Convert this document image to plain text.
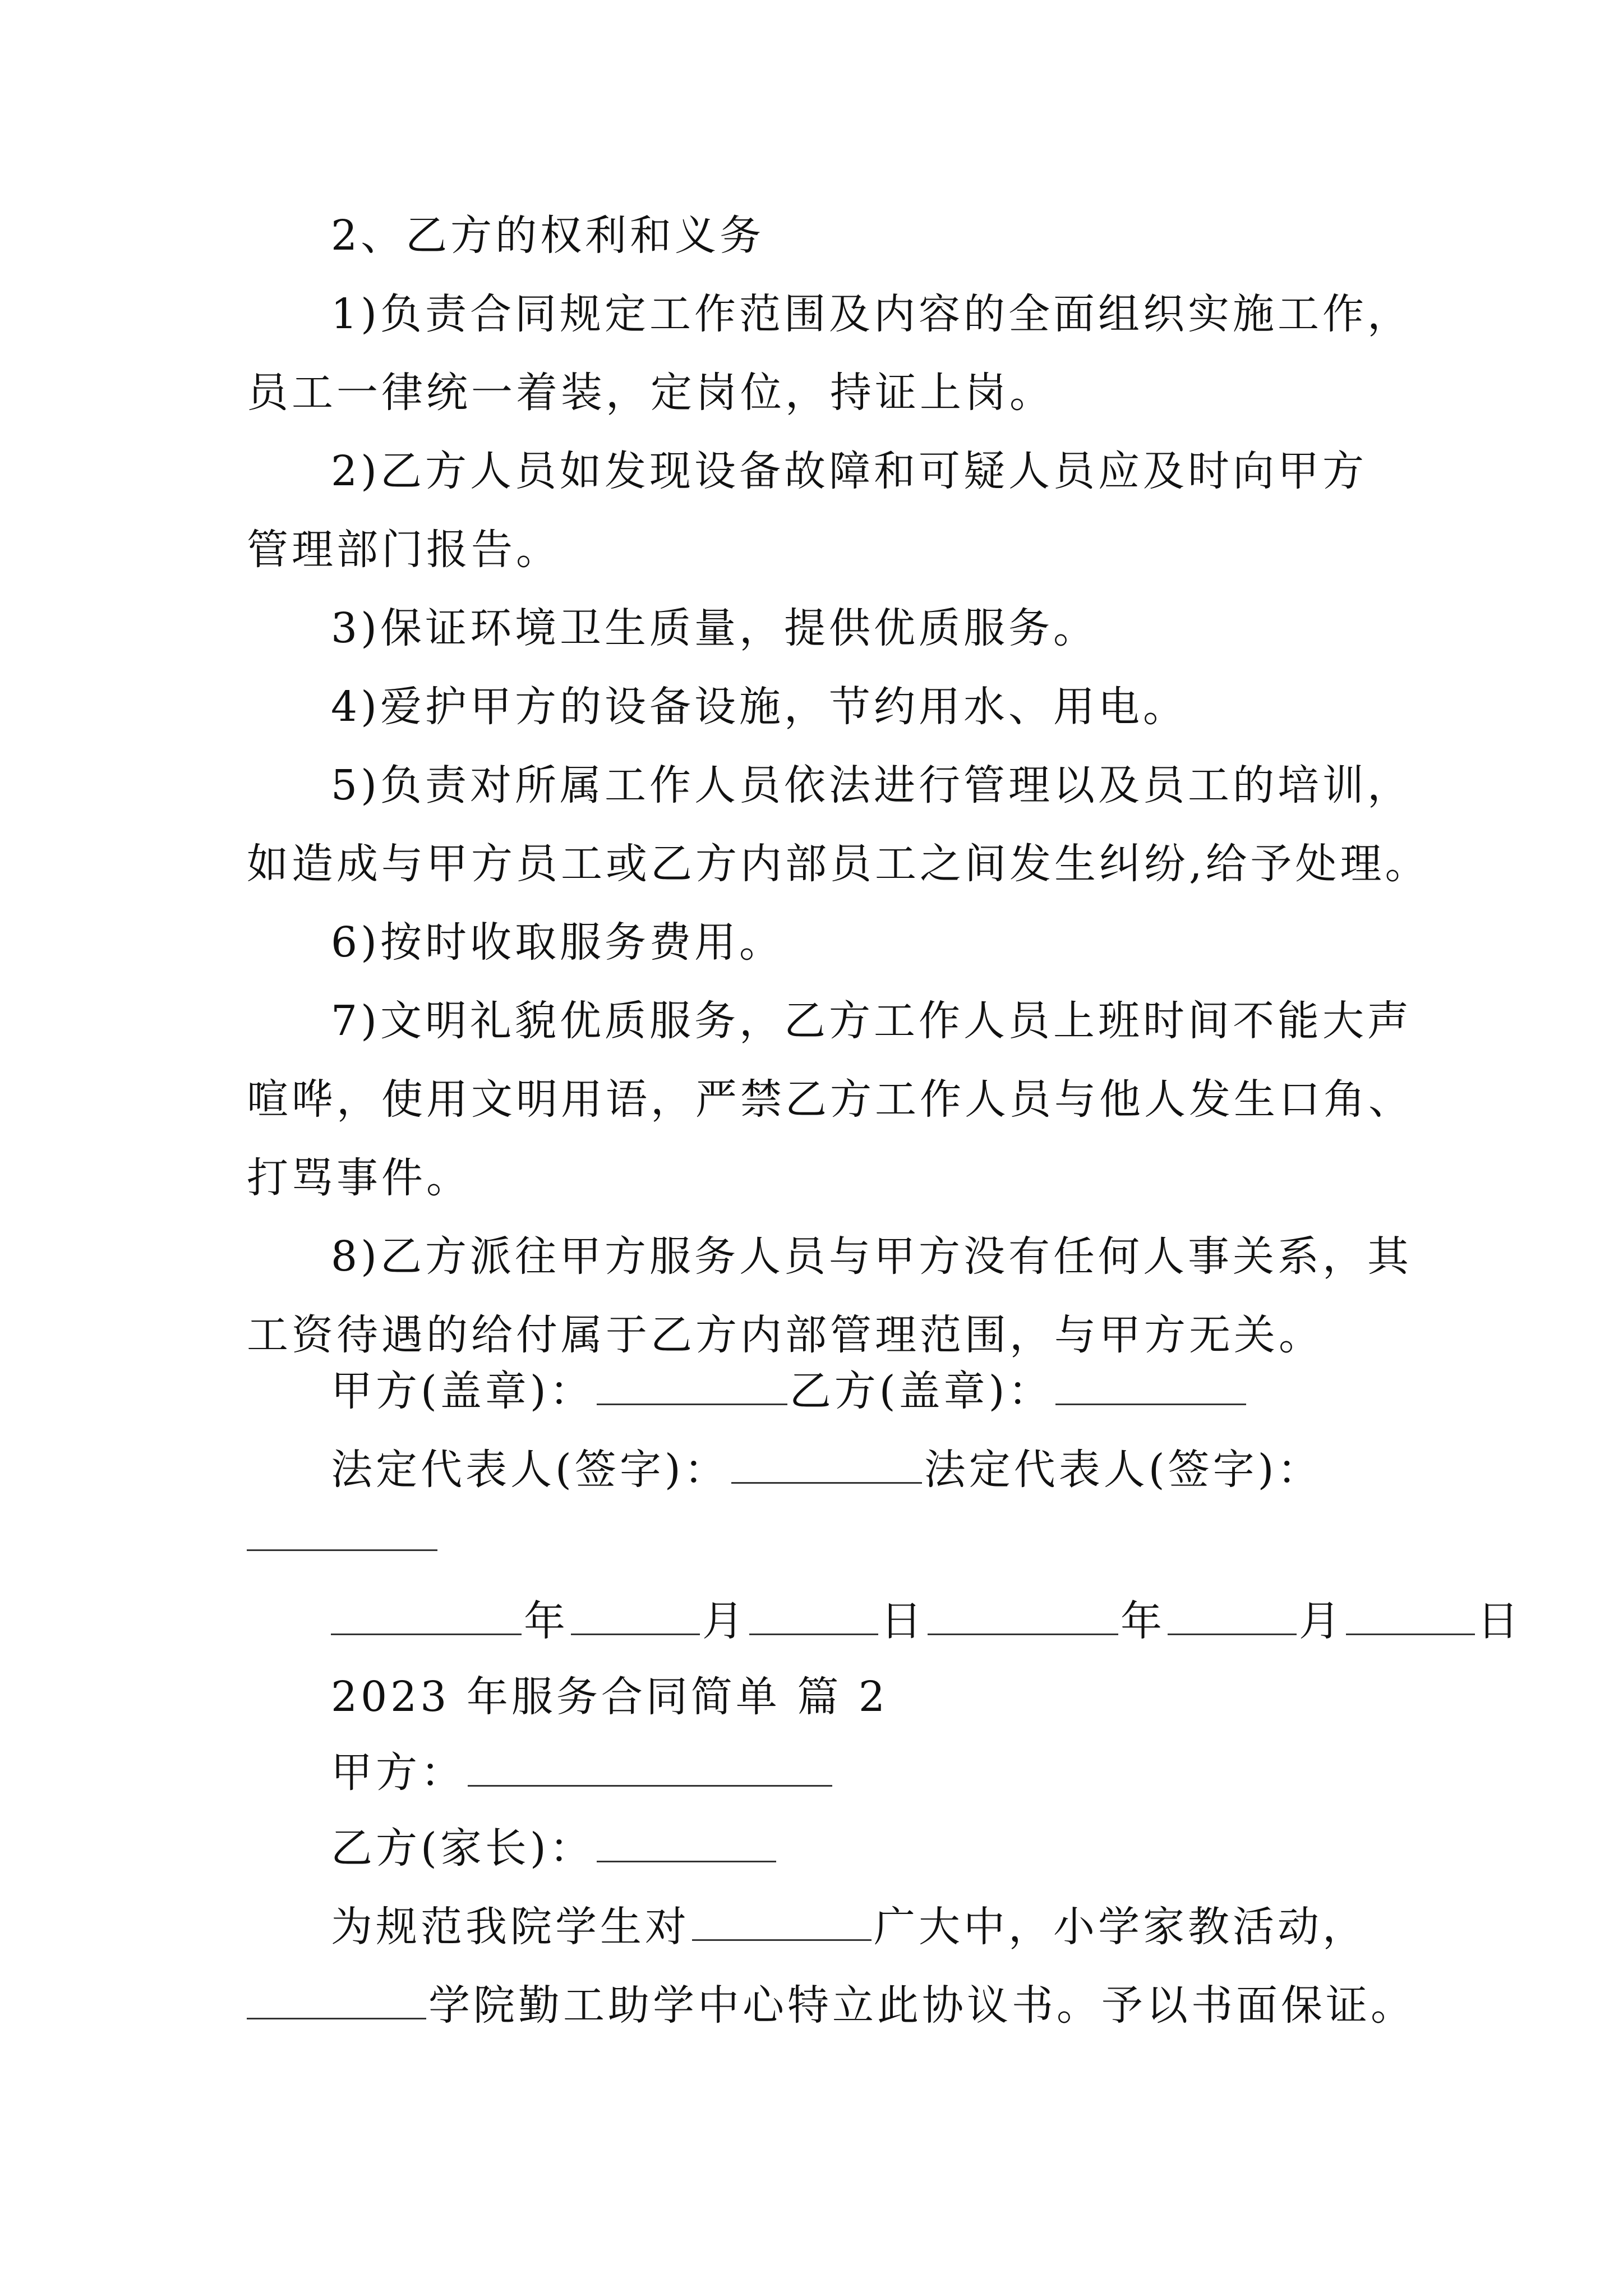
2、乙方的权利和义务
1)负责合同规定工作范围及内容的全面组织实施工作，
员工一律统一着装，定岗位，持证上岗。
2)乙方人员如发现设备故障和可疑人员应及时向甲方
管理部门报告。
3)保证环境卫生质量，提供优质服务。
4)爱护甲方的设备设施，节约用水、用电。
5)负责对所属工作人员依法进行管理以及员工的培训，
如造成与甲方员工或乙方内部员工之间发生纠纷,给予处理。
6)按时收取服务费用。
7)文明礼貌优质服务，乙方工作人员上班时间不能大声
喧哗，使用文明用语，严禁乙方工作人员与他人发生口角、
打骂事件。
8)乙方派往甲方服务人员与甲方没有任何人事关系，其
工资待遇的给付属于乙方内部管理范围，与甲方无关。
甲方(盖章)：	乙方(盖章)：
法定代表人(签字)：	法定代表人(签字)：
年	月	日	年	月	日
2023 年服务合同简单 篇 2
甲方：
乙方(家长)：
为规范我院学生对	广大中，小学家教活动，
学院勤工助学中心特立此协议书。予以书面保证。
